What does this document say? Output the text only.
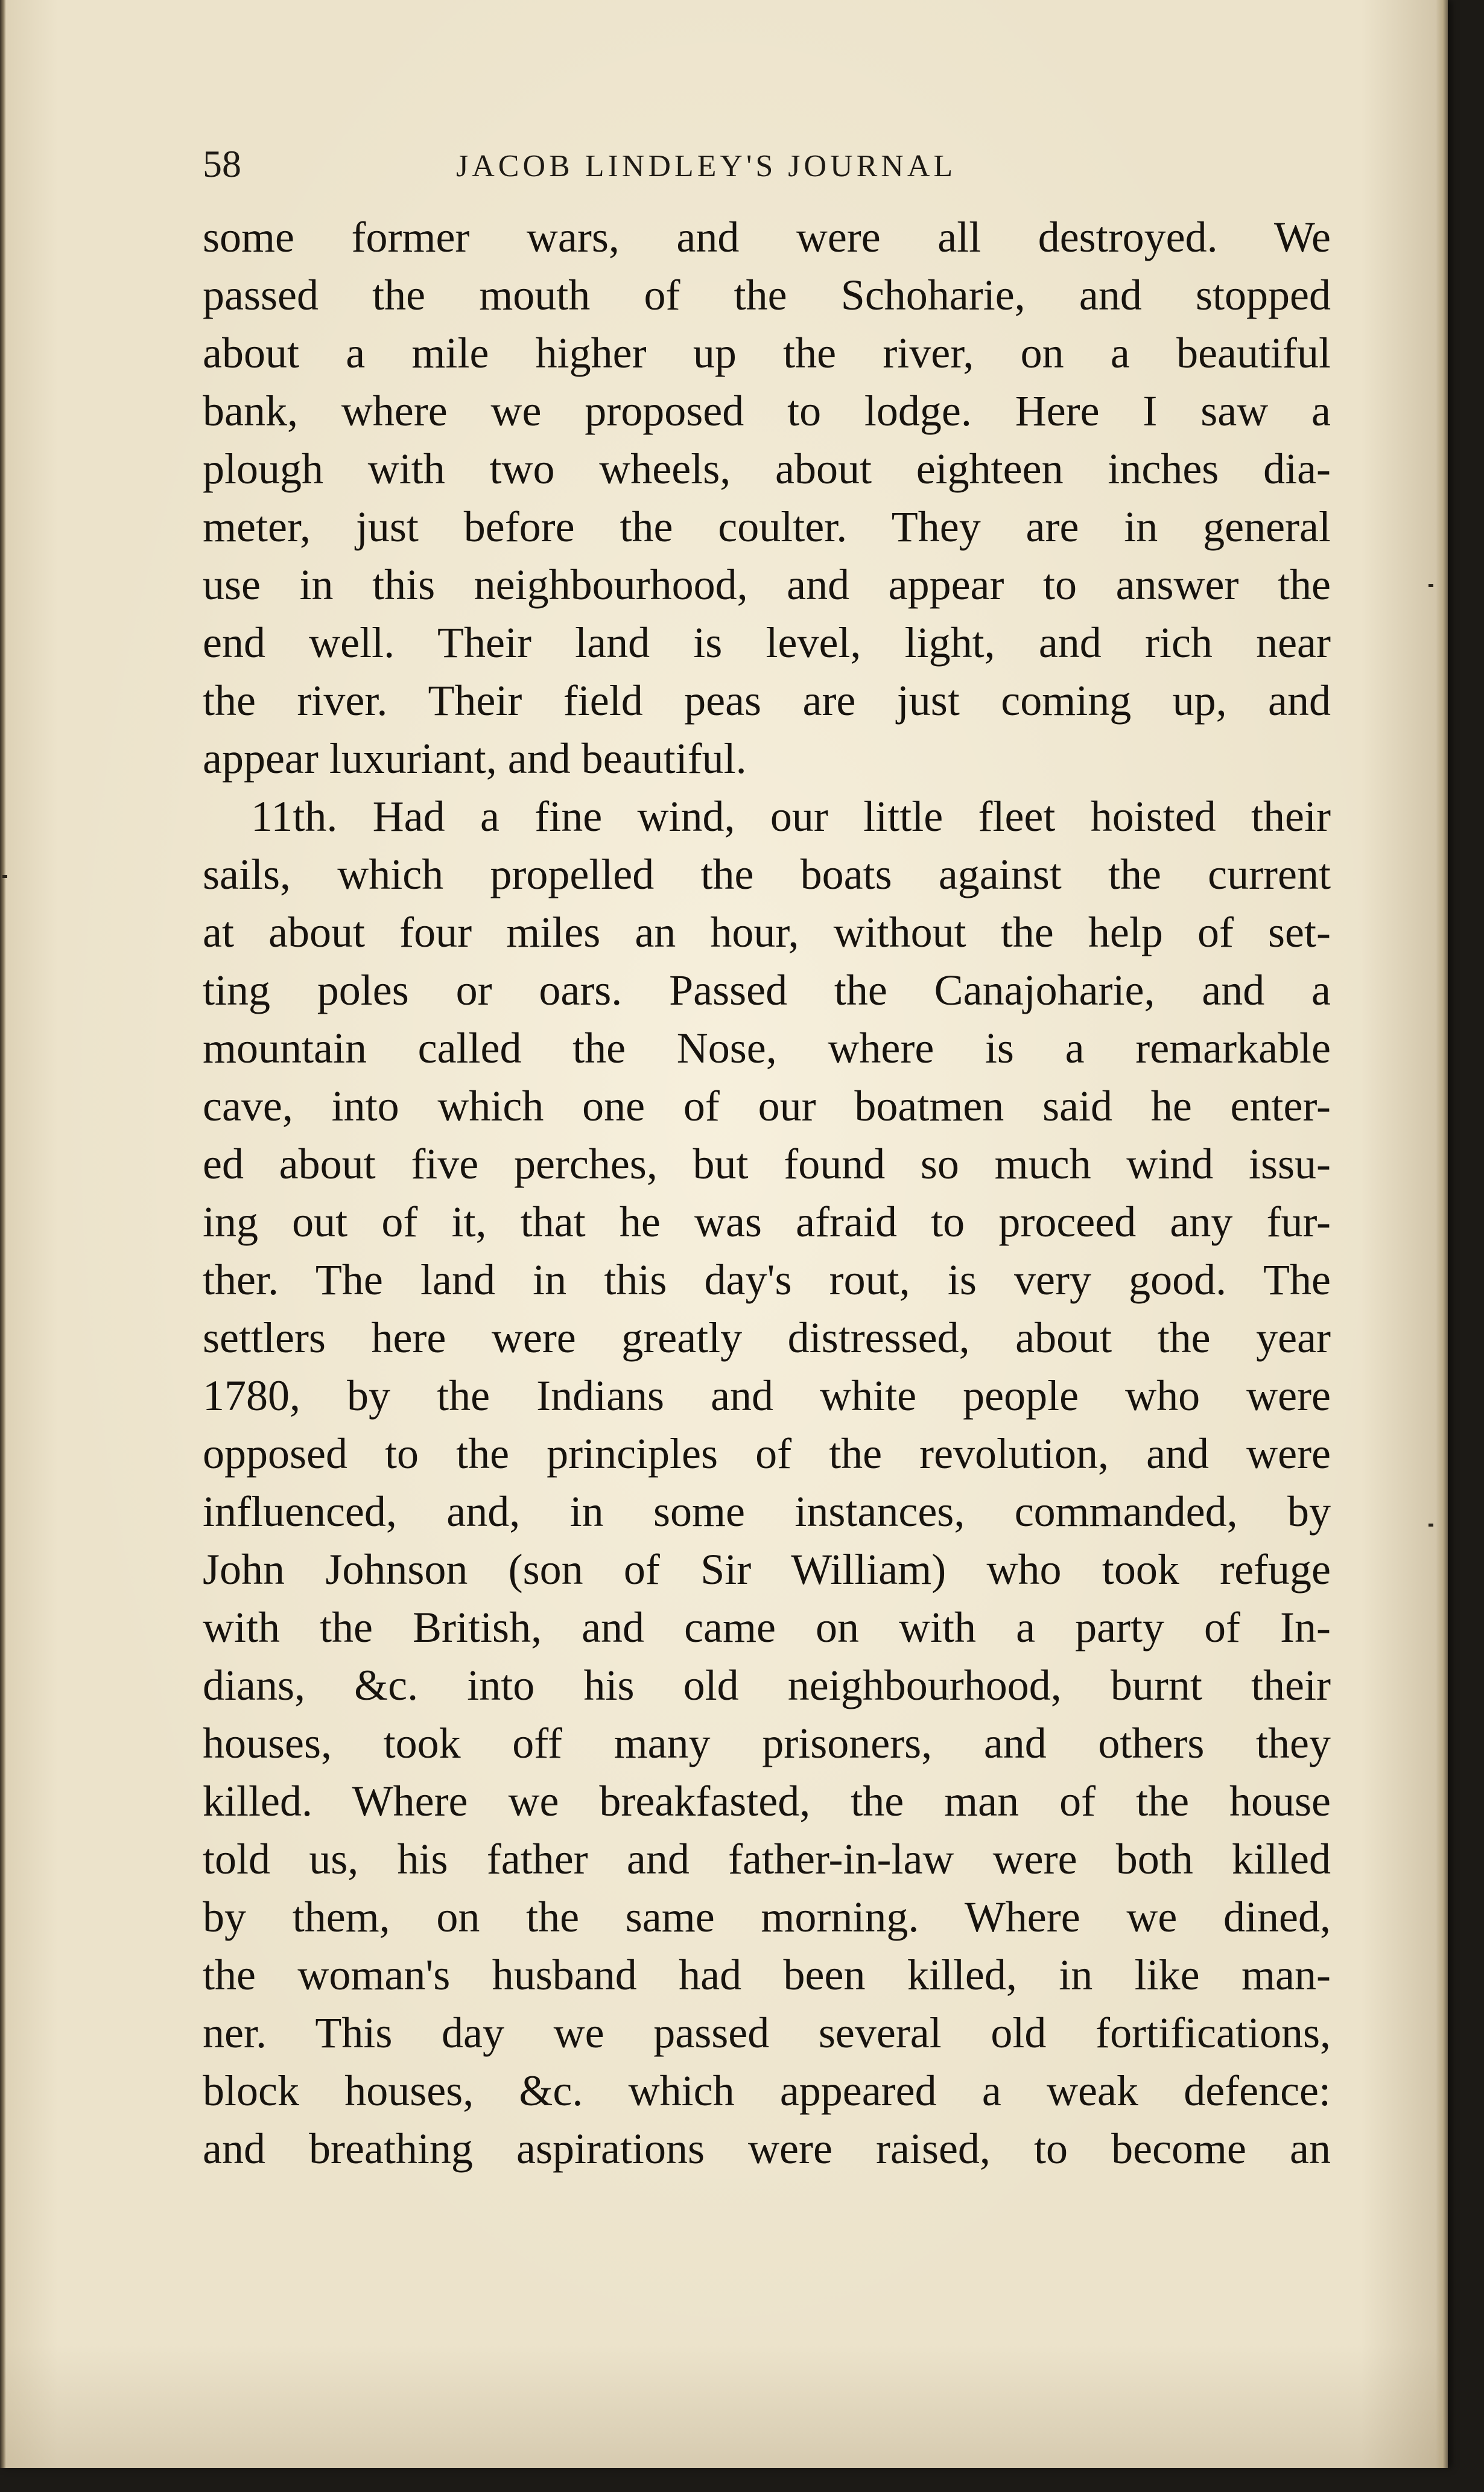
58	JACOB LINDLEY'S JOURNAL
some former wars, and were all destroyed. We
passed the mouth of the Schoharie, and stopped
about a mile higher up the river, on a beautiful
bank, where we proposed to lodge. Here I saw a
plough with two wheels, about eighteen inches dia-
meter, just before the coulter. They are in general
use in this neighbourhood, and appear to answer the
end well. Their land is level, light, and rich near
the river. Their field peas are just coming up, and
appear luxuriant, and beautiful.
11th. Had a fine wind, our little fleet hoisted their
sails, which propelled the boats against the current
at about four miles an hour, without the help of set-
ting poles or oars. Passed the Canajoharie, and a
mountain called the Nose, where is a remarkable
cave, into which one of our boatmen said he enter-
ed about five perches, but found so much wind issu-
ing out of it, that he was afraid to proceed any fur-
ther. The land in this day's rout, is very good. The
settlers here were greatly distressed, about the year
1780, by the Indians and white people who were
opposed to the principles of the revolution, and were
influenced, and, in some instances, commanded, by
John Johnson (son of Sir William) who took refuge
with the British, and came on with a party of In-
dians, &c. into his old neighbourhood, burnt their
houses, took off many prisoners, and others they
killed. Where we breakfasted, the man of the house
told us, his father and father-in-law were both killed
by them, on the same morning. Where we dined,
the woman's husband had been killed, in like man-
ner. This day we passed several old fortifications,
block houses, &c. which appeared a weak defence:
and breathing aspirations were raised, to become an
